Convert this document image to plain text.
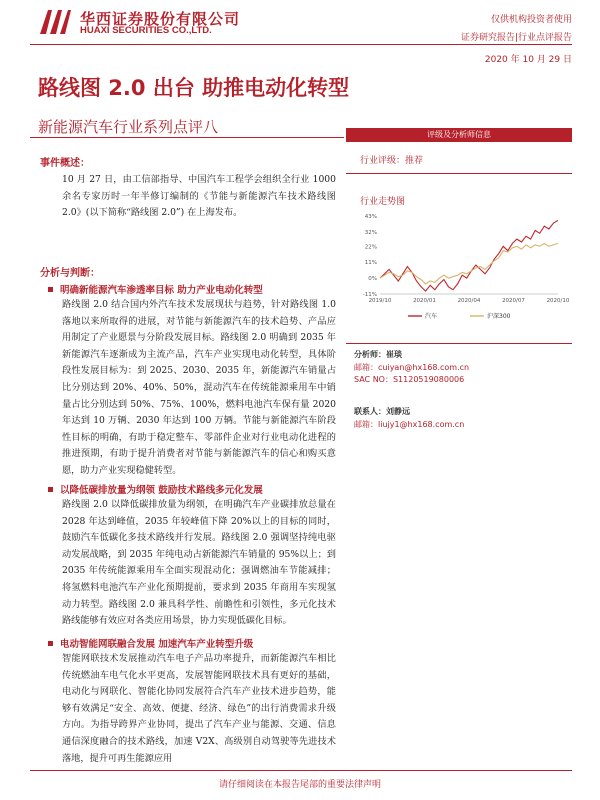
华西证券股份有限公司
HUAXI SECURITIES CO.,LTD.
仅供机构投资者使用
证券研究报告|行业点评报告
2020 年 10 月 29 日
路线图 2.0 出台 助推电动化转型
新能源汽车行业系列点评八	评级及分析师信息
行业评级：推荐
行业走势图
43%
32%
22%
11%
0%
-11%
2019/10	2020/01	2020/04	2020/07	2020/10
汽车	沪深300
分析师：崔琰
邮箱：cuiyan@hx168.com.cn
SAC NO：S1120519080006
联系人：刘静远
邮箱：liujy1@hx168.com.cn
事件概述：
10 月 27 日，由工信部指导、中国汽车工程学会组织全行业 1000 余名专家历时一年半修订编制的《节能与新能源汽车技术路线图 2.0》(以下简称“路线图 2.0”) 在上海发布。
分析与判断：
明确新能源汽车渗透率目标 助力产业电动化转型
路线图 2.0 结合国内外汽车技术发展现状与趋势，针对路线图 1.0 落地以来所取得的进展，对节能与新能源汽车的技术趋势、产品应用制定了产业愿景与分阶段发展目标。路线图 2.0 明确到 2035 年新能源汽车逐渐成为主流产品，汽车产业实现电动化转型，具体阶段性发展目标为：到 2025、2030、2035 年，新能源汽车销量占比分别达到 20%、40%、50%，混动汽车在传统能源乘用车中销量占比分别达到 50%、75%、100%，燃料电池汽车保有量 2020 年达到 10 万辆、2030 年达到 100 万辆。节能与新能源汽车阶段性目标的明确，有助于稳定整车、零部件企业对行业电动化进程的推进预期，有助于提升消费者对节能与新能源汽车的信心和购买意愿，助力产业实现稳健转型。
以降低碳排放量为纲领 鼓励技术路线多元化发展
路线图 2.0 以降低碳排放量为纲领，在明确汽车产业碳排放总量在 2028 年达到峰值，2035 年较峰值下降 20%以上的目标的同时，鼓励汽车低碳化多技术路线并行发展。路线图 2.0 强调坚持纯电驱动发展战略，到 2035 年纯电动占新能源汽车销量的 95%以上；到 2035 年传统能源乘用车全面实现混动化；强调燃油车节能减排；将氢燃料电池汽车产业化预期提前，要求到 2035 年商用车实现氢动力转型。路线图 2.0 兼具科学性、前瞻性和引领性，多元化技术路线能够有效应对各类应用场景，协力实现低碳化目标。
电动智能网联融合发展 加速汽车产业转型升级
智能网联技术发展推动汽车电子产品功率提升，而新能源汽车相比传统燃油车电气化水平更高，发展智能网联技术具有更好的基础，电动化与网联化、智能化协同发展符合汽车产业技术进步趋势，能够有效满足“安全、高效、便捷、经济、绿色”的出行消费需求升级方向。为指导跨界产业协同，提出了汽车产业与能源、交通、信息通信深度融合的技术路线，加速 V2X、高级别自动驾驶等先进技术落地，提升可再生能源应用
请仔细阅读在本报告尾部的重要法律声明
